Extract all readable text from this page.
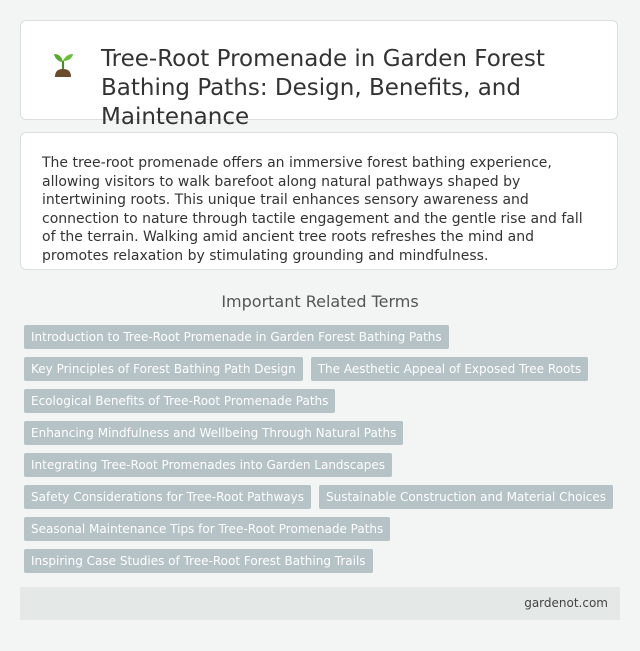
Tree-Root Promenade in Garden Forest Bathing Paths: Design, Benefits, and Maintenance

The tree-root promenade offers an immersive forest bathing experience, allowing visitors to walk barefoot along natural pathways shaped by intertwining roots. This unique trail enhances sensory awareness and connection to nature through tactile engagement and the gentle rise and fall of the terrain. Walking amid ancient tree roots refreshes the mind and promotes relaxation by stimulating grounding and mindfulness.

Important Related Terms
Introduction to Tree-Root Promenade in Garden Forest Bathing Paths
Key Principles of Forest Bathing Path Design	The Aesthetic Appeal of Exposed Tree Roots
Ecological Benefits of Tree-Root Promenade Paths
Enhancing Mindfulness and Wellbeing Through Natural Paths
Integrating Tree-Root Promenades into Garden Landscapes
Safety Considerations for Tree-Root Pathways	Sustainable Construction and Material Choices
Seasonal Maintenance Tips for Tree-Root Promenade Paths
Inspiring Case Studies of Tree-Root Forest Bathing Trails
gardenot.com
